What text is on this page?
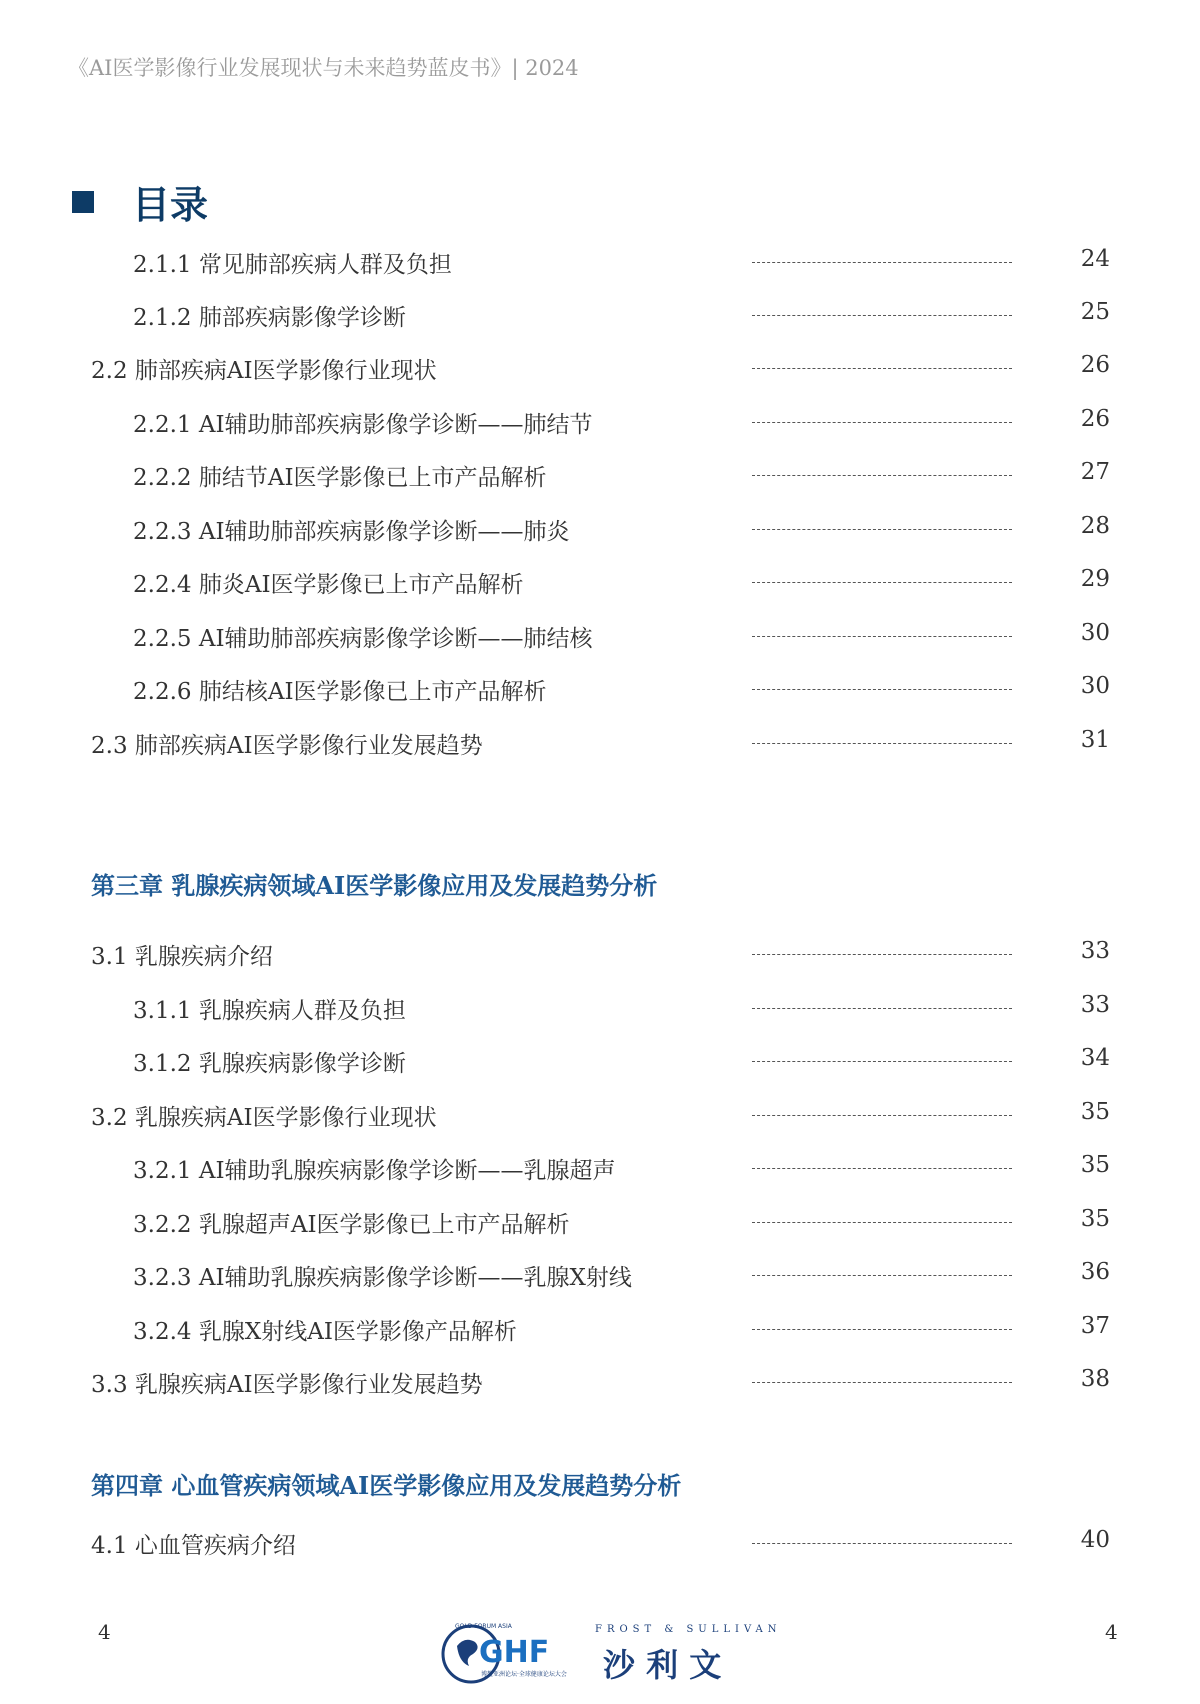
《AI医学影像行业发展现状与未来趋势蓝皮书》| 2024
目录
2.1.1 常见肺部疾病人群及负担	24
2.1.2 肺部疾病影像学诊断	25
2.2 肺部疾病AI医学影像行业现状	26
2.2.1 AI辅助肺部疾病影像学诊断——肺结节	26
2.2.2 肺结节AI医学影像已上市产品解析	27
2.2.3 AI辅助肺部疾病影像学诊断——肺炎	28
2.2.4 肺炎AI医学影像已上市产品解析	29
2.2.5 AI辅助肺部疾病影像学诊断——肺结核	30
2.2.6 肺结核AI医学影像已上市产品解析	30
2.3 肺部疾病AI医学影像行业发展趋势	31
第三章 乳腺疾病领域AI医学影像应用及发展趋势分析
3.1 乳腺疾病介绍	33
3.1.1 乳腺疾病人群及负担	33
3.1.2 乳腺疾病影像学诊断	34
3.2 乳腺疾病AI医学影像行业现状	35
3.2.1 AI辅助乳腺疾病影像学诊断——乳腺超声	35
3.2.2 乳腺超声AI医学影像已上市产品解析	35
3.2.3 AI辅助乳腺疾病影像学诊断——乳腺X射线	36
3.2.4 乳腺X射线AI医学影像产品解析	37
3.3 乳腺疾病AI医学影像行业发展趋势	38
第四章 心血管疾病领域AI医学影像应用及发展趋势分析
4.1 心血管疾病介绍	40
4	4
GOLD FORUM ASIA
GHF
博鳌亚洲论坛·全球健康论坛大会
FROST & SULLIVAN
沙 利 文
